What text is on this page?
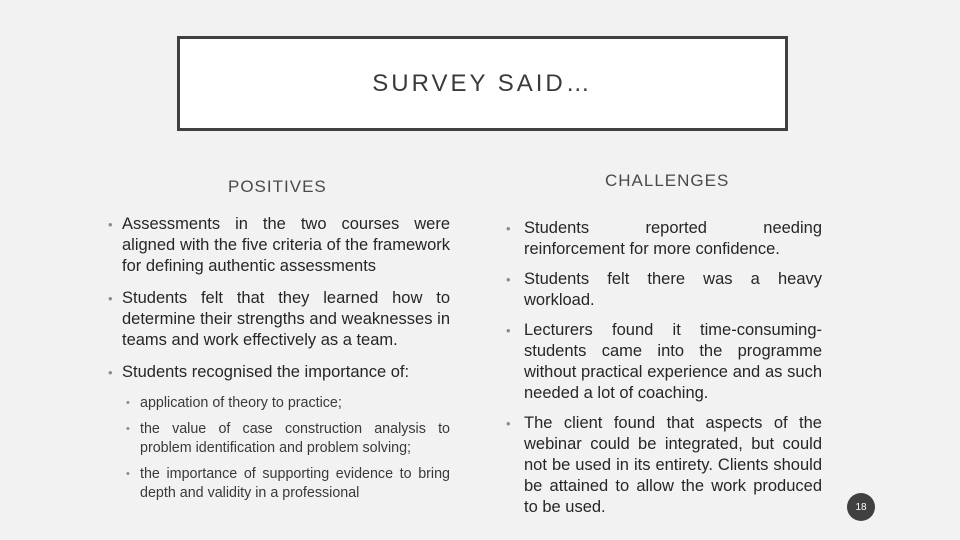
SURVEY SAID…
POSITIVES	CHALLENGES
• Assessments in the two courses were aligned with the five criteria of the framework for defining authentic assessments
• Students felt that they learned how to determine their strengths and weaknesses in teams and work effectively as a team.
• Students recognised the importance of:
• application of theory to practice;
• the value of case construction analysis to problem identification and problem solving;
• the importance of supporting evidence to bring depth and validity in a professional
• Students reported needing reinforcement for more confidence.
• Students felt there was a heavy workload.
• Lecturers found it time-consuming- students came into the programme without practical experience and as such needed a lot of coaching.
• The client found that aspects of the webinar could be integrated, but could not be used in its entirety. Clients should be attained to allow the work produced to be used.	18
